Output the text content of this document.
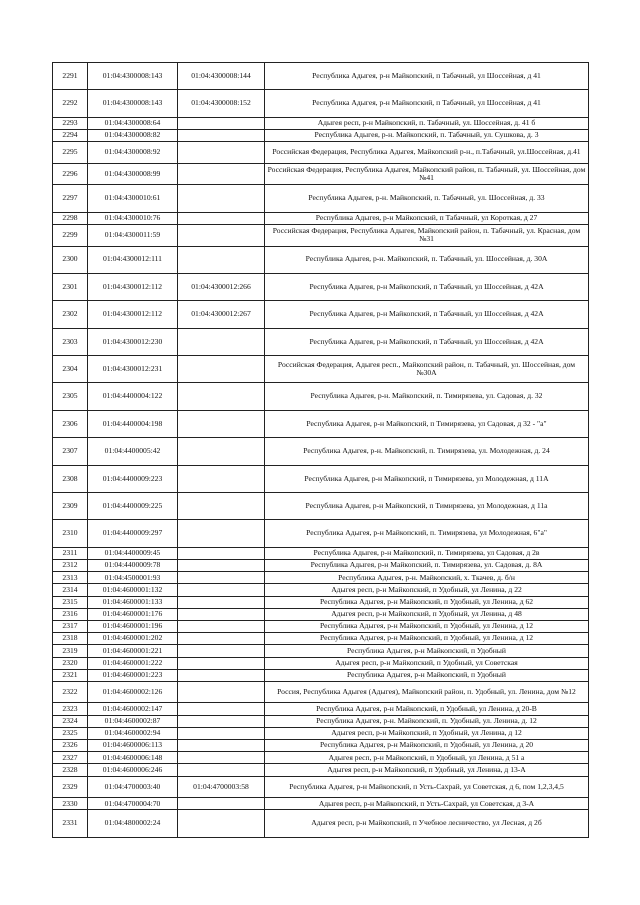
2291	01:04:4300008:143	01:04:4300008:144	Республика Адыгея, р-н Майкопский, п Табачный, ул Шоссейная, д 41
2292	01:04:4300008:143	01:04:4300008:152	Республика Адыгея, р-н Майкопский, п Табачный, ул Шоссейная, д 41
2293	01:04:4300008:64		Адыгея респ, р-н Майкопский, п. Табачный, ул. Шоссейная, д. 41 б
2294	01:04:4300008:82		Республика Адыгея, р-н. Майкопский, п. Табачный, ул. Сушкова, д. 3
2295	01:04:4300008:92		Российская Федерация, Республика Адыгея, Майкопский р-н., п.Табачный, ул.Шоссейная, д.41
2296	01:04:4300008:99		Российская Федерация, Республика Адыгея, Майкопский район, п. Табачный, ул. Шоссейная, дом №41
2297	01:04:4300010:61		Республика Адыгея, р-н. Майкопский, п. Табачный, ул. Шоссейная, д. 33
2298	01:04:4300010:76		Республика Адыгея, р-н Майкопский, п Табачный, ул Короткая, д 27
2299	01:04:4300011:59		Российская Федерация, Республика Адыгея, Майкопский район, п. Табачный, ул. Красная, дом №31
2300	01:04:4300012:111		Республика Адыгея, р-н. Майкопский, п. Табачный, ул. Шоссейная, д. 30А
2301	01:04:4300012:112	01:04:4300012:266	Республика Адыгея, р-н Майкопский, п Табачный, ул Шоссейная, д 42А
2302	01:04:4300012:112	01:04:4300012:267	Республика Адыгея, р-н Майкопский, п Табачный, ул Шоссейная, д 42А
2303	01:04:4300012:230		Республика Адыгея, р-н Майкопский, п Табачный, ул Шоссейная, д 42А
2304	01:04:4300012:231		Российская Федерация, Адыгея респ., Майкопский район, п. Табачный, ул. Шоссейная, дом №30А
2305	01:04:4400004:122		Республика Адыгея, р-н. Майкопский, п. Тимирязева, ул. Садовая, д. 32
2306	01:04:4400004:198		Республика Адыгея, р-н Майкопский, п Тимирязева, ул Садовая, д 32 - "а"
2307	01:04:4400005:42		Республика Адыгея, р-н. Майкопский, п. Тимирязева, ул. Молодежная, д. 24
2308	01:04:4400009:223		Республика Адыгея, р-н Майкопский, п Тимирязева, ул Молодежная, д 11А
2309	01:04:4400009:225		Республика Адыгея, р-н Майкопский, п Тимирязева, ул Молодежная, д 11а
2310	01:04:4400009:297		Республика Адыгея, р-н Майкопский, п. Тимирязева, ул Молодежная, 6"а"
2311	01:04:4400009:45		Республика Адыгея, р-н Майкопский, п. Тимирязева, ул Садовая, д 2в
2312	01:04:4400009:78		Республика Адыгея, р-н Майкопский, п. Тимирязева, ул. Садовая, д. 8А
2313	01:04:4500001:93		Республика Адыгея, р-н. Майкопский, х. Ткачев, д. б/н
2314	01:04:4600001:132		Адыгея респ, р-н Майкопский, п Удобный, ул Ленина, д 22
2315	01:04:4600001:133		Республика Адыгея, р-н Майкопский, п Удобный, ул Ленина, д 62
2316	01:04:4600001:176		Адыгея респ, р-н Майкопский, п Удобный, ул Ленина, д 48
2317	01:04:4600001:196		Республика Адыгея, р-н Майкопский, п Удобный, ул Ленина, д 12
2318	01:04:4600001:202		Республика Адыгея, р-н Майкопский, п Удобный, ул Ленина, д 12
2319	01:04:4600001:221		Республика Адыгея, р-н Майкопский, п Удобный
2320	01:04:4600001:222		Адыгея респ, р-н Майкопский, п Удобный, ул Советская
2321	01:04:4600001:223		Республика Адыгея, р-н Майкопский, п Удобный
2322	01:04:4600002:126		Россия, Республика Адыгея (Адыгея), Майкопский район, п. Удобный, ул. Ленина, дом №12
2323	01:04:4600002:147		Республика Адыгея, р-н Майкопский, п Удобный, ул Ленина, д 20-В
2324	01:04:4600002:87		Республика Адыгея, р-н. Майкопский, п. Удобный, ул. Ленина, д. 12
2325	01:04:4600002:94		Адыгея респ, р-н Майкопский, п Удобный, ул Ленина, д 12
2326	01:04:4600006:113		Республика Адыгея, р-н Майкопский, п Удобный, ул Ленина, д 20
2327	01:04:4600006:148		Адыгея респ, р-н Майкопский, п Удобный, ул Ленина, д 51 а
2328	01:04:4600006:246		Адыгея респ, р-н Майкопский, п Удобный, ул Ленина, д 13-А
2329	01:04:4700003:40	01:04:4700003:58	Республика Адыгея, р-н Майкопский, п Усть-Сахрай, ул Советская, д 6, пом 1,2,3,4,5
2330	01:04:4700004:70		Адыгея респ, р-н Майкопский, п Усть-Сахрай, ул Советская, д 3-А
2331	01:04:4800002:24		Адыгея респ, р-н Майкопский, п Учебное лесничество, ул Лесная, д 2б
